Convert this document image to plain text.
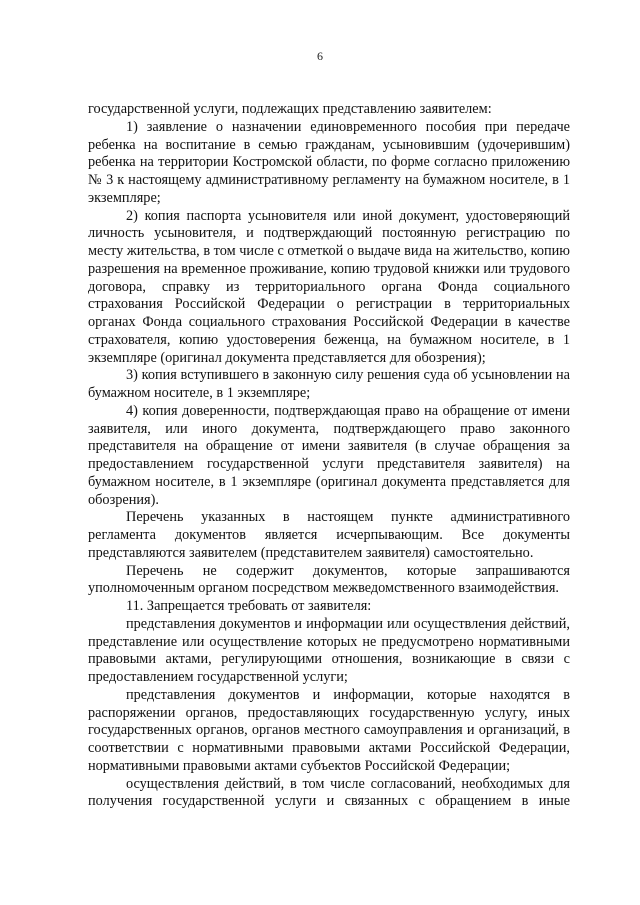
6

государственной услуги, подлежащих представлению заявителем:

1) заявление о назначении единовременного пособия при передаче ребенка на воспитание в семью гражданам, усыновившим (удочерившим) ребенка на территории Костромской области, по форме согласно приложению № 3 к настоящему административному регламенту на бумажном носителе, в 1 экземпляре;

2) копия паспорта усыновителя или иной документ, удостоверяющий личность усыновителя, и подтверждающий постоянную регистрацию по месту жительства, в том числе с отметкой о выдаче вида на жительство, копию разрешения на временное проживание, копию трудовой книжки или трудового договора, справку из территориального органа Фонда социального страхования Российской Федерации о регистрации в территориальных органах Фонда социального страхования Российской Федерации в качестве страхователя, копию удостоверения беженца, на бумажном носителе, в 1 экземпляре (оригинал документа представляется для обозрения);

3) копия вступившего в законную силу решения суда об усыновлении на бумажном носителе, в 1 экземпляре;

4) копия доверенности, подтверждающая право на обращение от имени заявителя, или иного документа, подтверждающего право законного представителя на обращение от имени заявителя (в случае обращения за предоставлением государственной услуги представителя заявителя) на бумажном носителе, в 1 экземпляре (оригинал документа представляется для обозрения).

Перечень указанных в настоящем пункте административного регламента документов является исчерпывающим. Все документы представляются заявителем (представителем заявителя) самостоятельно.

Перечень не содержит документов, которые запрашиваются уполномоченным органом посредством межведомственного взаимодействия.

11. Запрещается требовать от заявителя:

представления документов и информации или осуществления действий, представление или осуществление которых не предусмотрено нормативными правовыми актами, регулирующими отношения, возникающие в связи с предоставлением государственной услуги;

представления документов и информации, которые находятся в распоряжении органов, предоставляющих государственную услугу, иных государственных органов, органов местного самоуправления и организаций, в соответствии с нормативными правовыми актами Российской Федерации, нормативными правовыми актами субъектов Российской Федерации;

осуществления действий, в том числе согласований, необходимых для получения государственной услуги и связанных с обращением в иные
